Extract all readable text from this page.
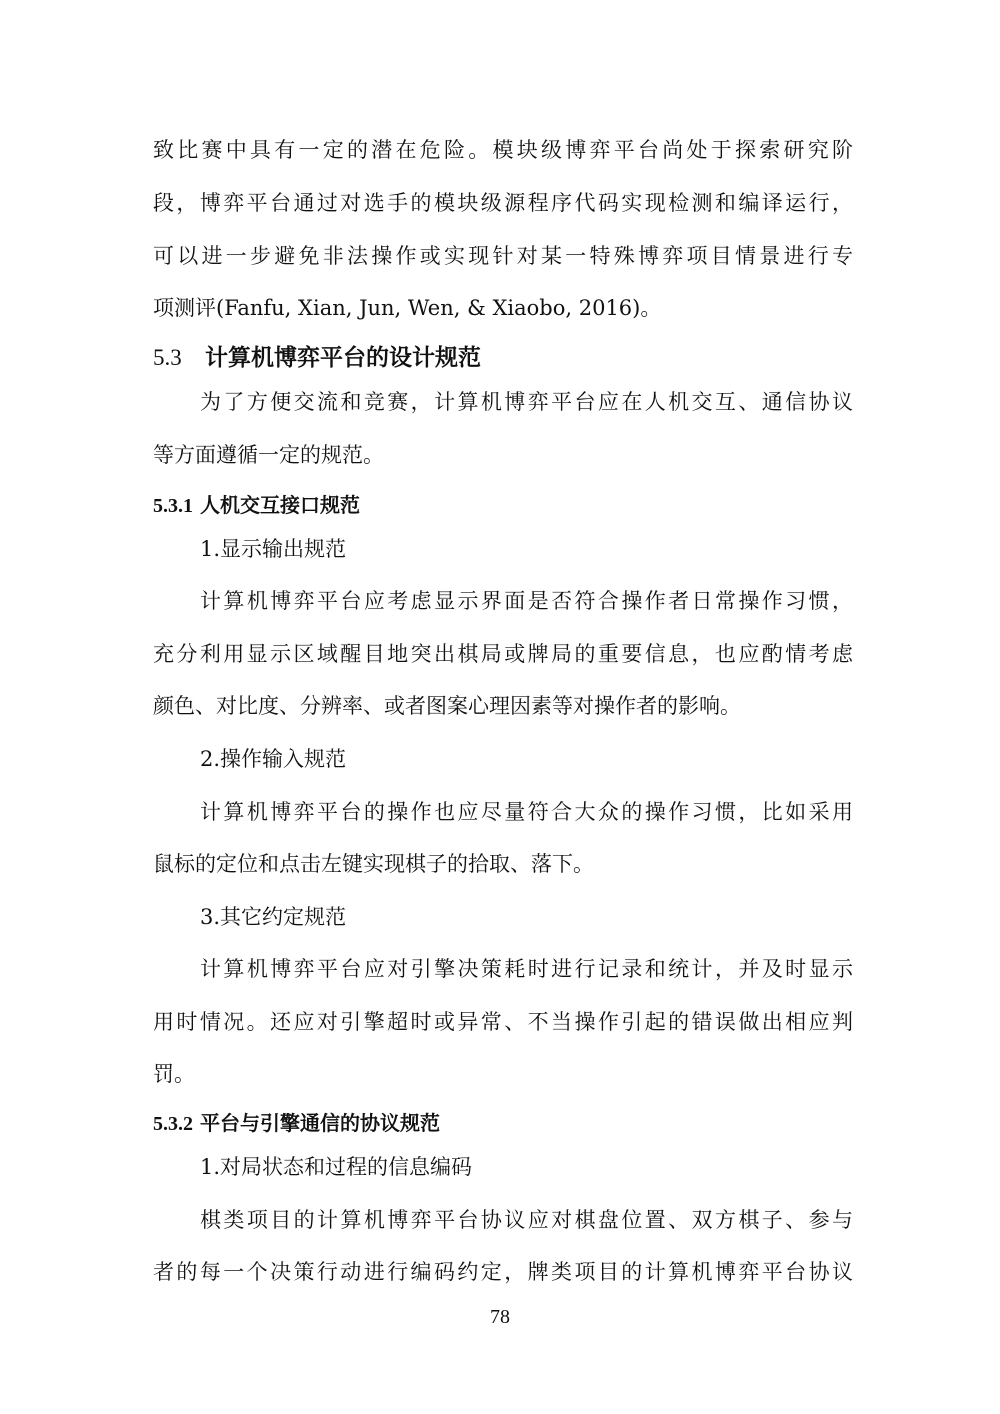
致比赛中具有一定的潜在危险。模块级博弈平台尚处于探索研究阶
段，博弈平台通过对选手的模块级源程序代码实现检测和编译运行，
可以进一步避免非法操作或实现针对某一特殊博弈项目情景进行专
项测评(Fanfu, Xian, Jun, Wen, & Xiaobo, 2016)。
5.3 计算机博弈平台的设计规范
为了方便交流和竞赛，计算机博弈平台应在人机交互、通信协议
等方面遵循一定的规范。
5.3.1 人机交互接口规范
1.显示输出规范
计算机博弈平台应考虑显示界面是否符合操作者日常操作习惯，
充分利用显示区域醒目地突出棋局或牌局的重要信息，也应酌情考虑
颜色、对比度、分辨率、或者图案心理因素等对操作者的影响。
2.操作输入规范
计算机博弈平台的操作也应尽量符合大众的操作习惯，比如采用
鼠标的定位和点击左键实现棋子的拾取、落下。
3.其它约定规范
计算机博弈平台应对引擎决策耗时进行记录和统计，并及时显示
用时情况。还应对引擎超时或异常、不当操作引起的错误做出相应判
罚。
5.3.2 平台与引擎通信的协议规范
1.对局状态和过程的信息编码
棋类项目的计算机博弈平台协议应对棋盘位置、双方棋子、参与
者的每一个决策行动进行编码约定，牌类项目的计算机博弈平台协议
78
